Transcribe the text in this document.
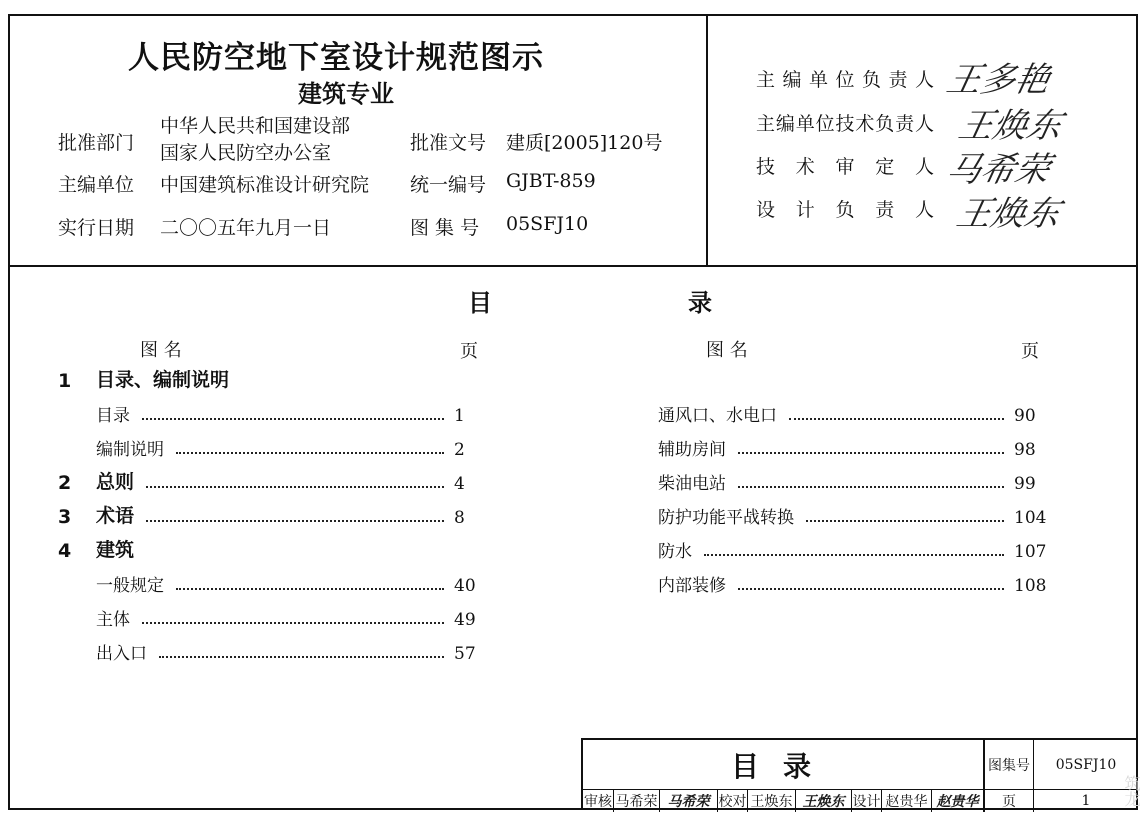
人民防空地下室设计规范图示
建筑专业
批准部门
中华人民共和国建设部
国家人民防空办公室	批准文号 建质[2005]120号
主编单位 中国建筑标准设计研究院 统一编号 GJBT-859
实行日期 二〇〇五年九月一日	图 集 号 05SFJ10
主编单位负责人 王多艳
主编单位技术负责人 王焕东
技术审定人 马希荣
设计负责人 王焕东
目	录
图 名	页	图 名	页
1	目录、编制说明
目录	1
编制说明	2
2	总则	4
3	术语	8
4	建筑
一般规定	40
主体	49
出入口	57
通风口、水电口	90
辅助房间	98
柴油电站	99
防护功能平战转换	104
防水	107
内部装修	108
目录	图集号	05SFJ10
审核 马希荣 马希荣 校对 王焕东 王焕东 设计 赵贵华 赵贵华	页	1	筑龙
